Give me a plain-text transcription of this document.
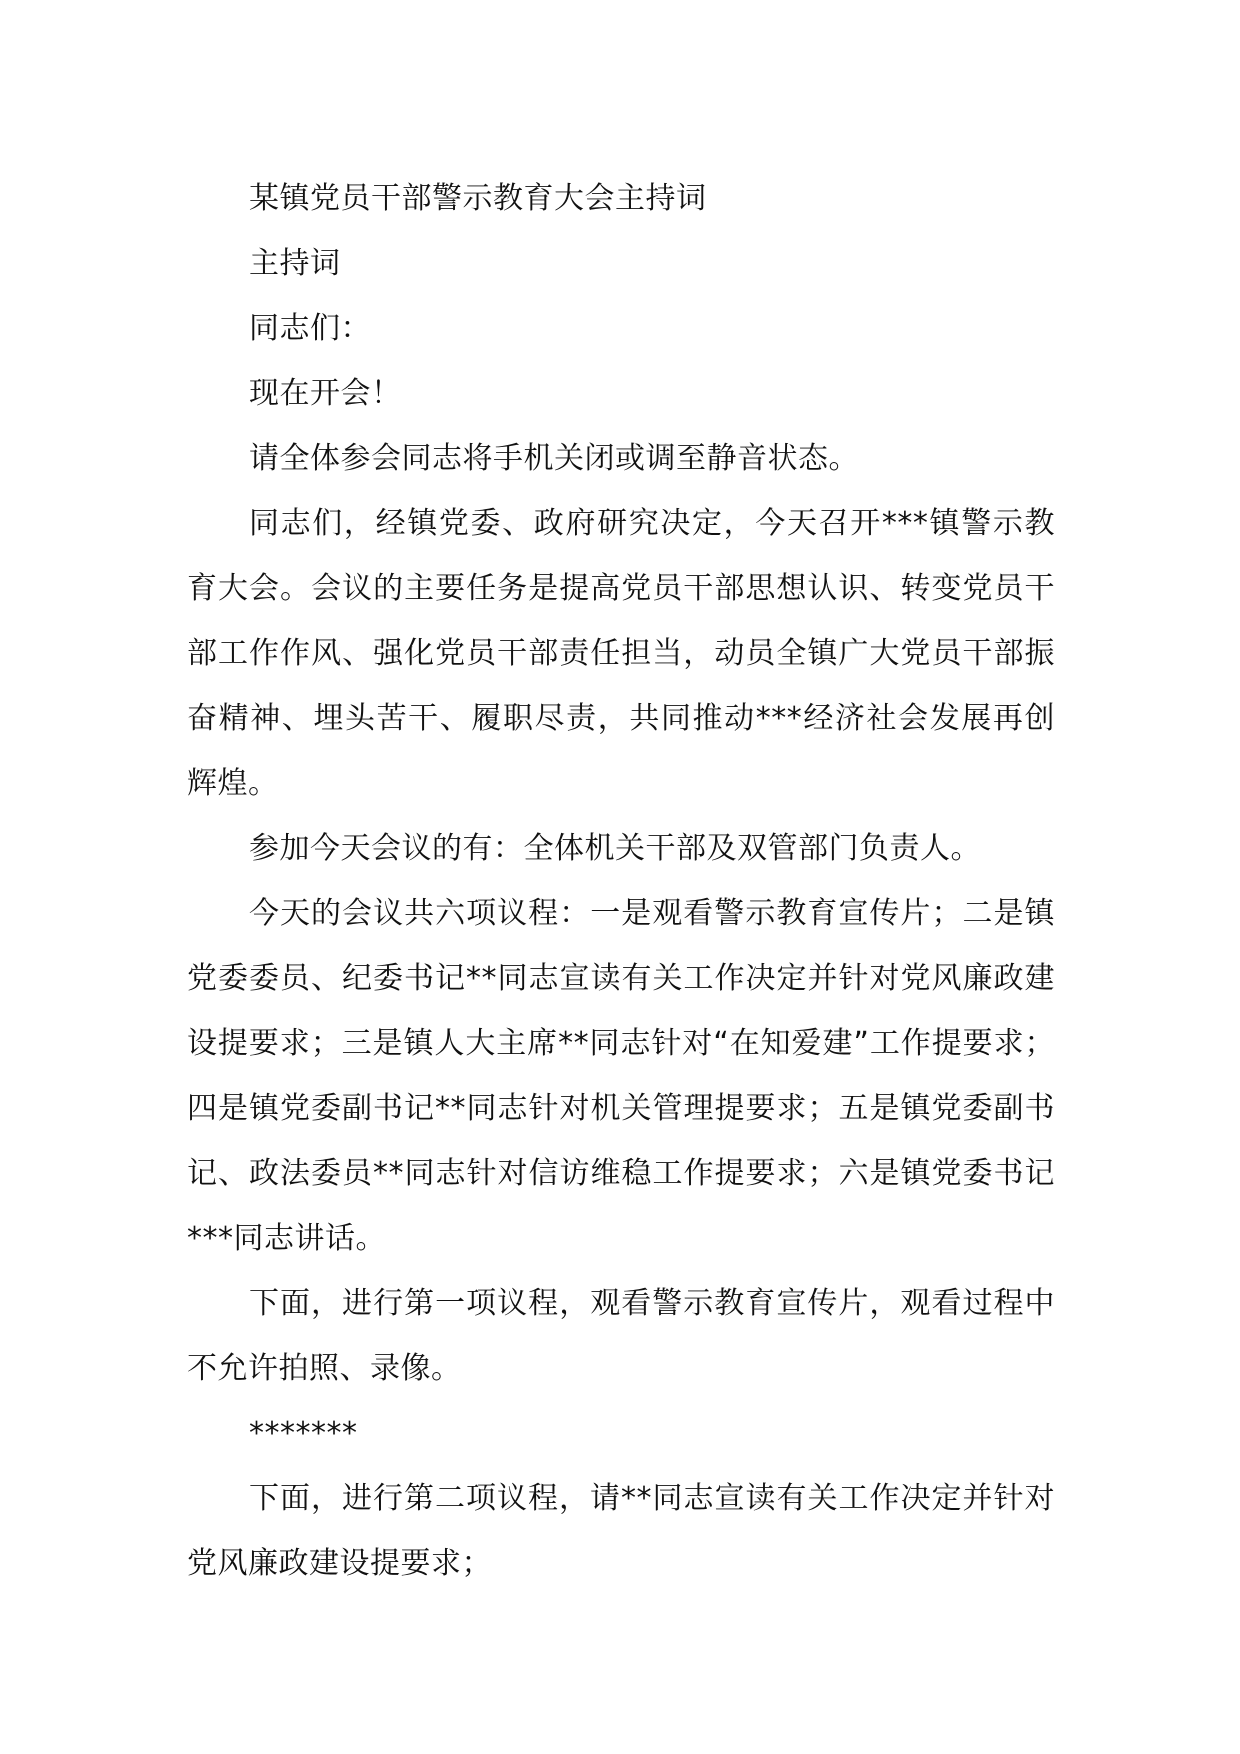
某镇党员干部警示教育大会主持词

主持词

同志们：

现在开会！

请全体参会同志将手机关闭或调至静音状态。

同志们，经镇党委、政府研究决定，今天召开***镇警示教育大会。会议的主要任务是提高党员干部思想认识、转变党员干部工作作风、强化党员干部责任担当，动员全镇广大党员干部振奋精神、埋头苦干、履职尽责，共同推动***经济社会发展再创辉煌。

参加今天会议的有：全体机关干部及双管部门负责人。

今天的会议共六项议程：一是观看警示教育宣传片；二是镇党委委员、纪委书记**同志宣读有关工作决定并针对党风廉政建设提要求；三是镇人大主席**同志针对“在知爱建”工作提要求；四是镇党委副书记**同志针对机关管理提要求；五是镇党委副书记、政法委员**同志针对信访维稳工作提要求；六是镇党委书记***同志讲话。

下面，进行第一项议程，观看警示教育宣传片，观看过程中不允许拍照、录像。

*******

下面，进行第二项议程，请**同志宣读有关工作决定并针对党风廉政建设提要求；
